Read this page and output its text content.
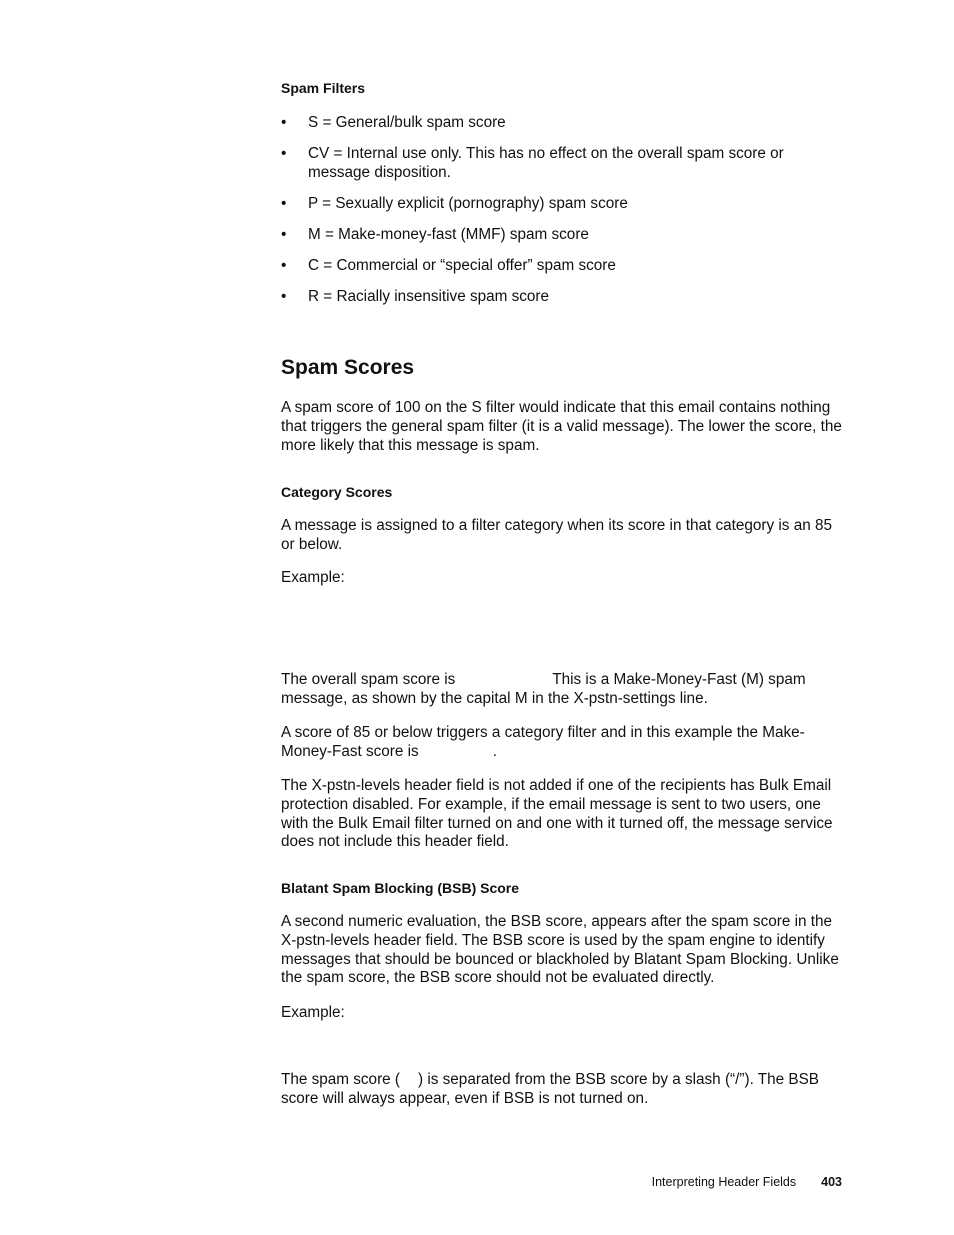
Spam Filters
• S = General/bulk spam score
• CV = Internal use only. This has no effect on the overall spam score or message disposition.
• P = Sexually explicit (pornography) spam score
• M = Make-money-fast (MMF) spam score
• C = Commercial or “special offer” spam score
• R = Racially insensitive spam score
Spam Scores

A spam score of 100 on the S filter would indicate that this email contains nothing that triggers the general spam filter (it is a valid message). The lower the score, the more likely that this message is spam.

Category Scores

A message is assigned to a filter category when its score in that category is an 85 or below.

Example:

The overall spam score is	This is a Make-Money-Fast (M) spam message, as shown by the capital M in the X-pstn-settings line.

A score of 85 or below triggers a category filter and in this example the Make-Money-Fast score is	.

The X-pstn-levels header field is not added if one of the recipients has Bulk Email protection disabled. For example, if the email message is sent to two users, one with the Bulk Email filter turned on and one with it turned off, the message service does not include this header field.

Blatant Spam Blocking (BSB) Score

A second numeric evaluation, the BSB score, appears after the spam score in the X-pstn-levels header field. The BSB score is used by the spam engine to identify messages that should be bounced or blackholed by Blatant Spam Blocking. Unlike the spam score, the BSB score should not be evaluated directly.

Example:

The spam score ( ) is separated from the BSB score by a slash (“/”). The BSB score will always appear, even if BSB is not turned on.

Interpreting Header Fields 403
